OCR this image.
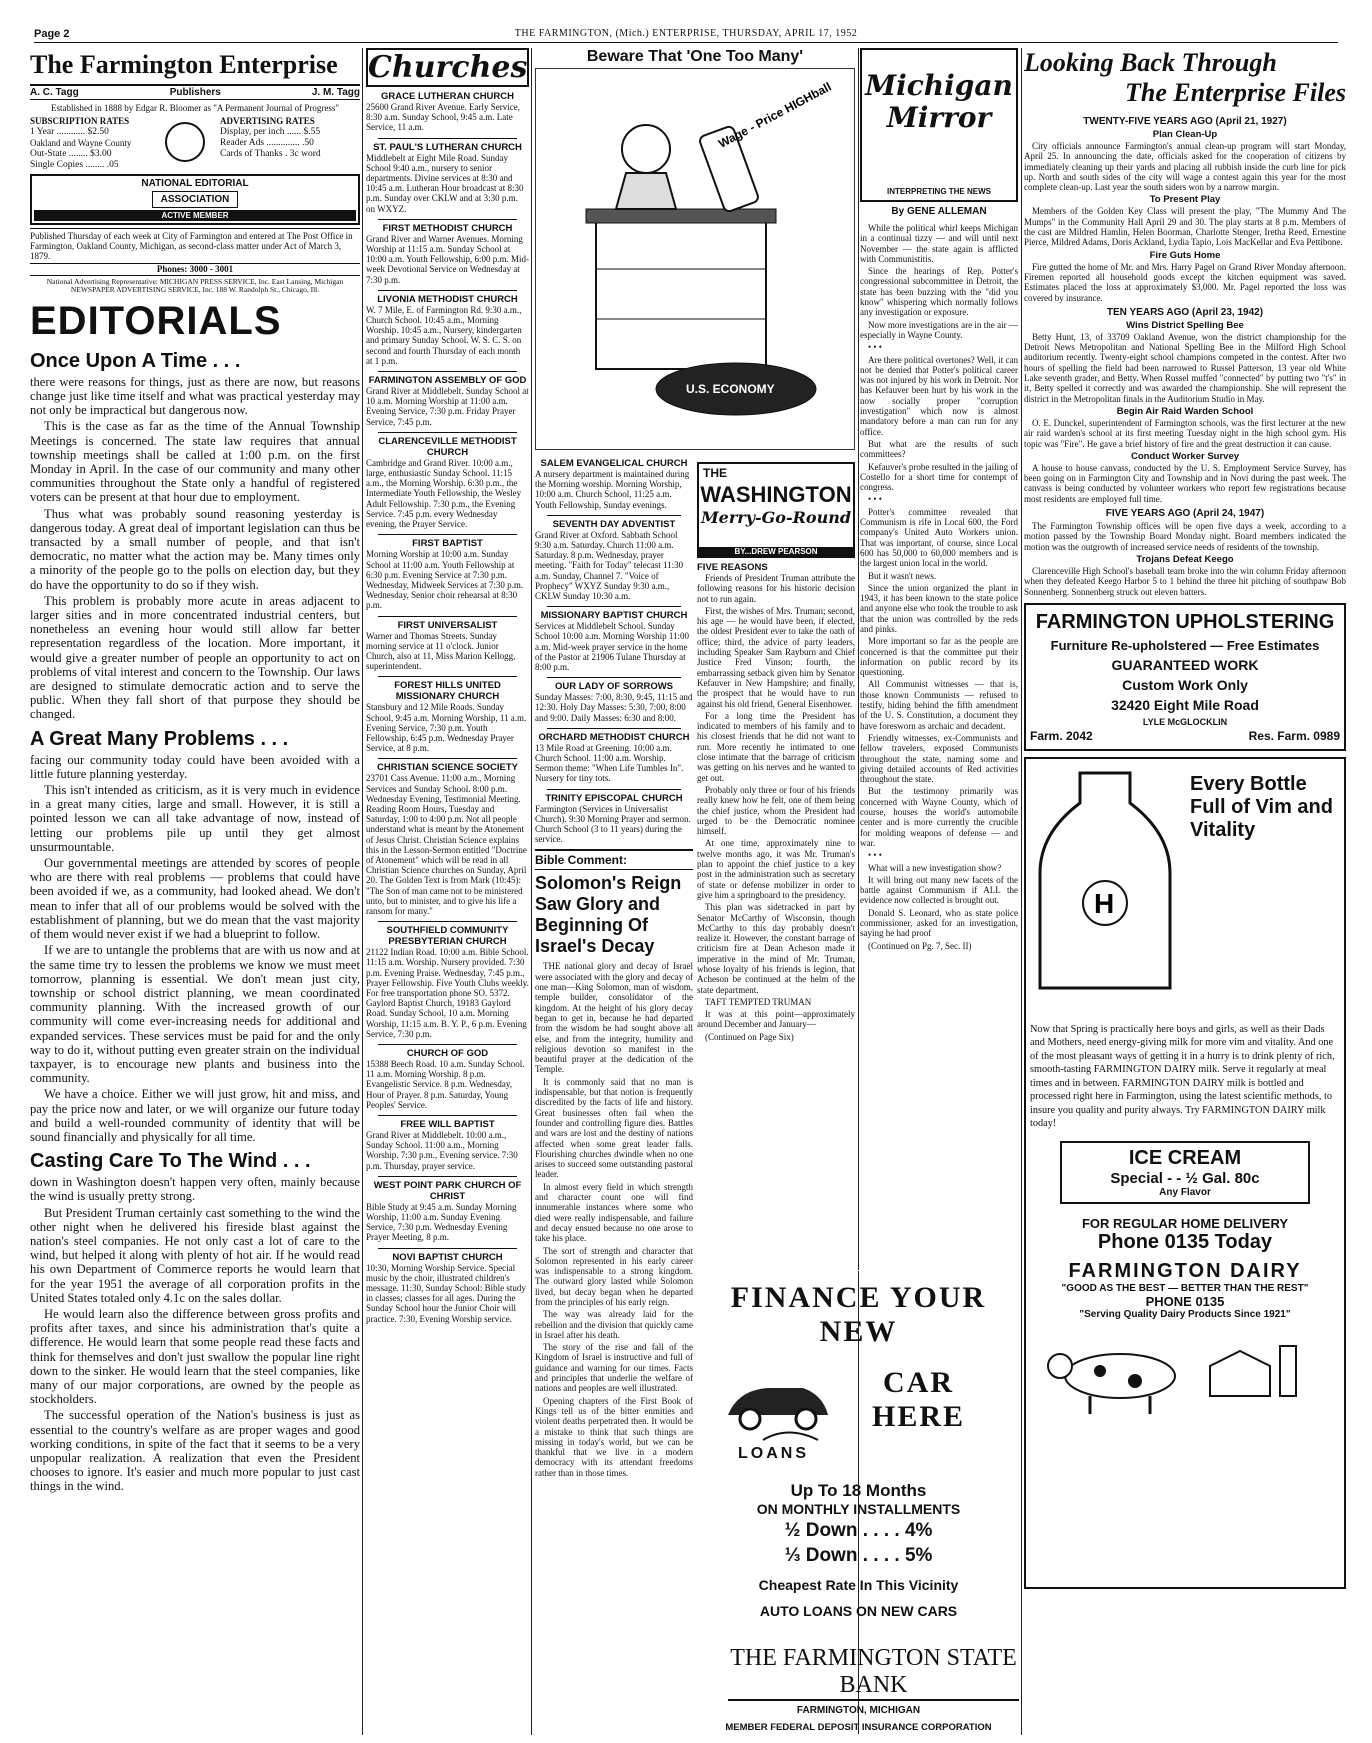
Page 2	THE FARMINGTON, (Mich.) ENTERPRISE, THURSDAY, APRIL 17, 1952
The Farmington Enterprise
A. C. Tagg	Publishers	J. M. Tagg
Established in 1888 by Edgar R. Bloomer as "A Permanent Journal of Progress"
SUBSCRIPTION RATES
1 Year ............ $2.50
Oakland and Wayne County
Out-State ........ $3.00
Single Copies ........ .05
ADVERTISING RATES
Display, per inch ...... $.55
Reader Ads .............. .50
Cards of Thanks . 3c word
NATIONAL EDITORIAL
ASSOCIATION
ACTIVE MEMBER
Published Thursday of each week at City of Farmington and entered at The Post Office in Farmington, Oakland County, Michigan, as second-class matter under Act of March 3, 1879.
Phones: 3000 - 3001
National Advertising Representative: MICHIGAN PRESS SERVICE, Inc. East Lansing, Michigan NEWSPAPER ADVERTISING SERVICE, Inc. 188 W. Randolph St., Chicago, Ill.
EDITORIALS
Once Upon A Time . . .

there were reasons for things, just as there are now, but reasons change just like time itself and what was practical yesterday may not only be impractical but dangerous now.

This is the case as far as the time of the Annual Township Meetings is concerned. The state law requires that annual township meetings shall be called at 1:00 p.m. on the first Monday in April. In the case of our community and many other communities throughout the State only a handful of registered voters can be present at that hour due to employment.

Thus what was probably sound reasoning yesterday is dangerous today. A great deal of important legislation can thus be transacted by a small number of people, and that isn't democratic, no matter what the action may be. Many times only a minority of the people go to the polls on election day, but they do have the opportunity to do so if they wish.

This problem is probably more acute in areas adjacent to larger sities and in more concentrated industrial centers, but nonetheless an evening hour would still allow far better representation regardless of the location. More important, it would give a greater number of people an opportunity to act on problems of vital interest and concern to the Township. Our laws are designed to stimulate democratic action and to serve the public. When they fall short of that purpose they should be changed.

A Great Many Problems . . .

facing our community today could have been avoided with a little future planning yesterday.

This isn't intended as criticism, as it is very much in evidence in a great many cities, large and small. However, it is still a pointed lesson we can all take advantage of now, instead of letting our problems pile up until they get almost unsurmountable.

Our governmental meetings are attended by scores of people who are there with real problems — problems that could have been avoided if we, as a community, had looked ahead. We don't mean to infer that all of our problems would be solved with the establishment of planning, but we do mean that the vast majority of them would never exist if we had a blueprint to follow.

If we are to untangle the problems that are with us now and at the same time try to lessen the problems we know we must meet tomorrow, planning is essential. We don't mean just city, township or school district planning, we mean coordinated community planning. With the increased growth of our community will come ever-increasing needs for additional and expanded services. These services must be paid for and the only way to do it, without putting even greater strain on the individual taxpayer, is to encourage new plants and business into the community.

We have a choice. Either we will just grow, hit and miss, and pay the price now and later, or we will organize our future today and build a well-rounded community of identity that will be sound financially and physically for all time.

Casting Care To The Wind . . .

down in Washington doesn't happen very often, mainly because the wind is usually pretty strong.

But President Truman certainly cast something to the wind the other night when he delivered his fireside blast against the nation's steel companies. He not only cast a lot of care to the wind, but helped it along with plenty of hot air. If he would read his own Department of Commerce reports he would learn that for the year 1951 the average of all corporation profits in the United States totaled only 4.1c on the sales dollar.

He would learn also the difference between gross profits and profits after taxes, and since his administration that's quite a difference. He would learn that some people read these facts and think for themselves and don't just swallow the popular line right down to the sinker. He would learn that the steel companies, like many of our major corporations, are owned by the people as stockholders.

The successful operation of the Nation's business is just as essential to the country's welfare as are proper wages and good working conditions, in spite of the fact that it seems to be a very unpopular realization. A realization that even the President chooses to ignore. It's easier and much more popular to just cast things in the wind.

Churches
GRACE LUTHERAN CHURCH
25600 Grand River Avenue. Early Service, 8:30 a.m. Sunday School, 9:45 a.m. Late Service, 11 a.m.
ST. PAUL'S LUTHERAN CHURCH
Middlebelt at Eight Mile Road. Sunday School 9:40 a.m., nursery to senior departments. Divine services at 8:30 and 10:45 a.m. Lutheran Hour broadcast at 8:30 p.m. Sunday over CKLW and at 3:30 p.m. on WXYZ.
FIRST METHODIST CHURCH
Grand River and Warner Avenues. Morning Worship at 11:15 a.m. Sunday School at 10:00 a.m. Youth Fellowship, 6:00 p.m. Mid-week Devotional Service on Wednesday at 7:30 p.m.
LIVONIA METHODIST CHURCH
W. 7 Mile, E. of Farmington Rd. 9:30 a.m., Church School. 10:45 a.m., Morning Worship. 10:45 a.m., Nursery, kindergarten and primary Sunday School. W. S. C. S. on second and fourth Thursday of each month at 1 p.m.
FARMINGTON ASSEMBLY OF GOD
Grand River at Middlebelt. Sunday School at 10 a.m. Morning Worship at 11:00 a.m. Evening Service, 7:30 p.m. Friday Prayer Service, 7:45 p.m.
CLARENCEVILLE METHODIST CHURCH
Cambridge and Grand River. 10:00 a.m., large, enthusiastic Sunday School. 11:15 a.m., the Morning Worship. 6:30 p.m., the Intermediate Youth Fellowship, the Wesley Adult Fellowship. 7:30 p.m., the Evening Service. 7:45 p.m. every Wednesday evening, the Prayer Service.
FIRST BAPTIST
Morning Worship at 10:00 a.m. Sunday School at 11:00 a.m. Youth Fellowship at 6:30 p.m. Evening Service at 7:30 p.m. Wednesday, Midweek Services at 7:30 p.m. Wednesday, Senior choir rehearsal at 8:30 p.m.
FIRST UNIVERSALIST
Warner and Thomas Streets. Sunday morning service at 11 o'clock. Junior Church, also at 11, Miss Marion Kellogg, superintendent.
FOREST HILLS UNITED MISSIONARY CHURCH
Stansbury and 12 Mile Roads. Sunday School, 9:45 a.m. Morning Worship, 11 a.m. Evening Service, 7:30 p.m. Youth Fellowship, 6:45 p.m. Wednesday Prayer Service, at 8 p.m.
CHRISTIAN SCIENCE SOCIETY
23701 Cass Avenue. 11:00 a.m., Morning Services and Sunday School. 8:00 p.m. Wednesday Evening, Testimonial Meeting. Reading Room Hours, Tuesday and Saturday, 1:00 to 4:00 p.m. Not all people understand what is meant by the Atonement of Jesus Christ. Christian Science explains this in the Lesson-Sermon entitled "Doctrine of Atonement" which will be read in all Christian Science churches on Sunday, April 20. The Golden Text is from Mark (10:45): "The Son of man came not to be ministered unto, but to minister, and to give his life a ransom for many."
SOUTHFIELD COMMUNITY PRESBYTERIAN CHURCH
21122 Indian Road. 10:00 a.m. Bible School. 11:15 a.m. Worship. Nursery provided. 7:30 p.m. Evening Praise. Wednesday, 7:45 p.m., Prayer Fellowship. Five Youth Clubs weekly. For free transportation phone SO. 5372. Gaylord Baptist Church, 19183 Gaylord Road. Sunday School, 10 a.m. Morning Worship, 11:15 a.m. B. Y. P., 6 p.m. Evening Service, 7:30 p.m.
CHURCH OF GOD
15388 Beech Road. 10 a.m. Sunday School. 11 a.m. Morning Worship. 8 p.m. Evangelistic Service. 8 p.m. Wednesday, Hour of Prayer. 8 p.m. Saturday, Young Peoples' Service.
FREE WILL BAPTIST
Grand River at Middlebelt. 10:00 a.m., Sunday School. 11:00 a.m., Morning Worship. 7:30 p.m., Evening service. 7:30 p.m. Thursday, prayer service.
WEST POINT PARK CHURCH OF CHRIST
Bible Study at 9:45 a.m. Sunday Morning Worship, 11:00 a.m. Sunday Evening Service, 7:30 p.m. Wednesday Evening Prayer Meeting, 8 p.m.
NOVI BAPTIST CHURCH
10:30, Morning Worship Service. Special music by the choir, illustrated children's message. 11:30, Sunday School: Bible study in classes; classes for all ages. During the Sunday School hour the Junior Choir will practice. 7:30, Evening Worship service.
Beware That 'One Too Many'
Wage - Price HIGHball
U.S. ECONOMY
Michigan Mirror
INTERPRETING THE NEWS
By GENE ALLEMAN

While the political whirl keeps Michigan in a continual tizzy — and will until next November — the state again is afflicted with Communistitis.

Since the hearings of Rep. Potter's congressional subcommittee in Detroit, the state has been buzzing with the "did you know" whispering which normally follows any investigation or exposure.

Now more investigations are in the air — especially in Wayne County.

• • •

Are there political overtones? Well, it can not be denied that Potter's political career was not injured by his work in Detroit. Nor has Kefauver been hurt by his work in the now socially proper "corruption investigation" which now is almost mandatory before a man can run for any office.

But what are the results of such committees?

Kefauver's probe resulted in the jailing of Costello for a short time for contempt of congress.

• • •

Potter's committee revealed that Communism is rife in Local 600, the Ford company's United Auto Workers union. That was important, of course, since Local 600 has 50,000 to 60,000 members and is the largest union local in the world.

But it wasn't news.

Since the union organized the plant in 1943, it has been known to the state police and anyone else who took the trouble to ask that the union was controlled by the reds and pinks.

More important so far as the people are concerned is that the committee put their information on public record by its questioning.

All Communist witnesses — that is, those known Communists — refused to testify, hiding behind the fifth amendment of the U. S. Constitution, a document they have foresworn as archaic and decadent.

Friendly witnesses, ex-Communists and fellow travelers, exposed Communists throughout the state, naming some and giving detailed accounts of Red activities throughout the state.

But the testimony primarily was concerned with Wayne County, which of course, houses the world's automobile center and is more currently the crucible for molding weapons of defense — and war.

• • •

What will a new investigation show?

It will bring out many new facets of the battle against Communism if ALL the evidence now collected is brought out.

Donald S. Leonard, who as state police commissioner, asked for an investigation, saying he had proof

(Continued on Pg. 7, Sec. II)

SALEM EVANGELICAL CHURCH
A nursery department is maintained during the Morning worship. Morning Worship, 10:00 a.m. Church School, 11:25 a.m. Youth Fellowship, Sunday evenings.
SEVENTH DAY ADVENTIST
Grand River at Oxford. Sabbath School 9:30 a.m. Saturday. Church 11:00 a.m. Saturday. 8 p.m. Wednesday, prayer meeting. "Faith for Today" telecast 11:30 a.m. Sunday, Channel 7. "Voice of Prophecy" WXYZ Sunday 9:30 a.m., CKLW Sunday 10:30 a.m.
MISSIONARY BAPTIST CHURCH
Services at Middlebelt School. Sunday School 10:00 a.m. Morning Worship 11:00 a.m. Mid-week prayer service in the home of the Pastor at 21906 Tulane Thursday at 8:00 p.m.
OUR LADY OF SORROWS
Sunday Masses: 7:00, 8:30, 9:45, 11:15 and 12:30. Holy Day Masses: 5:30, 7:00, 8:00 and 9:00. Daily Masses: 6:30 and 8:00.
ORCHARD METHODIST CHURCH
13 Mile Road at Greening. 10:00 a.m. Church School. 11:00 a.m. Worship. Sermon theme: "When Life Tumbles In". Nursery for tiny tots.
TRINITY EPISCOPAL CHURCH
Farmington (Services in Universalist Church). 9:30 Morning Prayer and sermon. Church School (3 to 11 years) during the service.
Bible Comment:
Solomon's Reign Saw Glory and Beginning Of Israel's Decay

THE national glory and decay of Israel were associated with the glory and decay of one man—King Solomon, man of wisdom, temple builder, consolidator of the kingdom. At the height of his glory decay began to get in, because he had departed from the wisdom he had sought above all else, and from the integrity, humility and religious devotion so manifest in the beautiful prayer at the dedication of the Temple.

It is commonly said that no man is indispensable, but that notion is frequently discredited by the facts of life and history. Great businesses often fail when the founder and controlling figure dies. Battles and wars are lost and the destiny of nations affected when some great leader falls. Flourishing churches dwindle when no one arises to succeed some outstanding pastoral leader.

In almost every field in which strength and character count one will find innumerable instances where some who died were really indispensable, and failure and decay ensued because no one arose to take his place.

The sort of strength and character that Solomon represented in his early career was indispensable to a strong kingdom. The outward glory lasted while Solomon lived, but decay began when he departed from the principles of his early reign.

The way was already laid for the rebellion and the division that quickly came in Israel after his death.

The story of the rise and fall of the Kingdom of Israel is instructive and full of guidance and warning for our times. Facts and principles that underlie the welfare of nations and peoples are well illustrated.

Opening chapters of the First Book of Kings tell us of the bitter enmities and violent deaths perpetrated then. It would be a mistake to think that such things are missing in today's world, but we can be thankful that we live in a modern democracy with its attendant freedoms rather than in those times.

THE
WASHINGTON
Merry-Go-Round
BY...DREW PEARSON
FIVE REASONS

Friends of President Truman attribute the following reasons for his historic decision not to run again.

First, the wishes of Mrs. Truman; second, his age — he would have been, if elected, the oldest President ever to take the oath of office; third, the advice of party leaders, including Speaker Sam Rayburn and Chief Justice Fred Vinson; fourth, the embarrassing setback given him by Senator Kefauver in New Hampshire; and finally, the prospect that he would have to run against his old friend, General Eisenhower.

For a long time the President has indicated to members of his family and to his closest friends that he did not want to run. More recently he intimated to one close intimate that the barrage of criticism was getting on his nerves and he wanted to get out.

Probably only three or four of his friends really knew how he felt, one of them being the chief justice, whom the President had urged to be the Democratic nominee himself.

At one time, approximately nine to twelve months ago, it was Mr. Truman's plan to appoint the chief justice to a key post in the administration such as secretary of state or defense mobilizer in order to give him a springboard to the presidency.

This plan was sidetracked in part by Senator McCarthy of Wisconsin, though McCarthy to this day probably doesn't realize it. However, the constant barrage of criticism fire at Dean Acheson made it imperative in the mind of Mr. Truman, whose loyalty of his friends is legion, that Acheson be continued at the helm of the state department.

TAFT TEMPTED TRUMAN

It was at this point—approximately around December and January—

(Continued on Page Six)

FINANCE YOUR NEW
CAR HERE
LOANS
Up To 18 Months
ON MONTHLY INSTALLMENTS
½ Down . . . . 4%
⅓ Down . . . . 5%
Cheapest Rate In This Vicinity
AUTO LOANS ON NEW CARS
THE FARMINGTON STATE BANK
FARMINGTON, MICHIGAN
MEMBER FEDERAL DEPOSIT INSURANCE CORPORATION
Looking Back Through
The Enterprise Files
TWENTY-FIVE YEARS AGO (April 21, 1927)
Plan Clean-Up

City officials announce Farmington's annual clean-up program will start Monday, April 25. In announcing the date, officials asked for the cooperation of citizens by immediately cleaning up their yards and placing all rubbish inside the curb line for pick up. North and south sides of the city will wage a contest again this year for the most complete clean-up. Last year the south siders won by a narrow margin.

To Present Play

Members of the Golden Key Class will present the play, "The Mummy And The Mumps" in the Community Hall April 29 and 30. The play starts at 8 p.m. Members of the cast are Mildred Hamlin, Helen Boorman, Charlotte Stenger, Iretha Reed, Ernestine Pierce, Mildred Adams, Doris Ackland, Lydia Tapio, Lois MacKellar and Eva Pettibone.

Fire Guts Home

Fire gutted the home of Mr. and Mrs. Harry Pagel on Grand River Monday afternoon. Firemen reported all household goods except the kitchen equipment was saved. Estimates placed the loss at approximately $3,000. Mr. Pagel reported the loss was covered by insurance.

TEN YEARS AGO (April 23, 1942)
Wins District Spelling Bee

Betty Hunt, 13, of 33709 Oakland Avenue, won the district championship for the Detroit News Metropolitan and National Spelling Bee in the Milford High School auditorium recently. Twenty-eight school champions competed in the contest. After two hours of spelling the field had been narrowed to Russel Patterson, 13 year old White Lake seventh grader, and Betty. When Russel muffed "connected" by putting two "t's" in it, Betty spelled it correctly and was awarded the championship. She will represent the district in the Metropolitan finals in the Auditorium Studio in May.

Begin Air Raid Warden School

O. E. Dunckel, superintendent of Farmington schools, was the first lecturer at the new air raid warden's school at its first meeting Tuesday night in the high school gym. His topic was "Fire". He gave a brief history of fire and the great destruction it can cause.

Conduct Worker Survey

A house to house canvass, conducted by the U. S. Employment Service Survey, has been going on in Farmington City and Township and in Novi during the past week. The canvass is being conducted by volunteer workers who report few registrations because most residents are employed full time.

FIVE YEARS AGO (April 24, 1947)

The Farmington Township offices will be open five days a week, according to a motion passed by the Township Board Monday night. Board members indicated the motion was the outgrowth of increased service needs of residents of the township.

Trojans Defeat Keego

Clarenceville High School's baseball team broke into the win column Friday afternoon when they defeated Keego Harbor 5 to 1 behind the three hit pitching of southpaw Bob Sonnenberg. Sonnenberg struck out eleven batters.

FARMINGTON UPHOLSTERING
Furniture Re-upholstered — Free Estimates
GUARANTEED WORK
Custom Work Only
32420 Eight Mile Road
LYLE McGLOCKLIN
Farm. 2042	Res. Farm. 0989
H
Every Bottle Full of Vim and Vitality
Now that Spring is practically here boys and girls, as well as their Dads and Mothers, need energy-giving milk for more vim and vitality. And one of the most pleasant ways of getting it in a hurry is to drink plenty of rich, smooth-tasting FARMINGTON DAIRY milk. Serve it regularly at meal times and in between. FARMINGTON DAIRY milk is bottled and processed right here in Farmington, using the latest scientific methods, to insure you quality and purity always. Try FARMINGTON DAIRY milk today!
ICE CREAM
Special - - ½ Gal. 80c
Any Flavor
FOR REGULAR HOME DELIVERY
Phone 0135 Today
FARMINGTON DAIRY
"GOOD AS THE BEST — BETTER THAN THE REST"
PHONE 0135
"Serving Quality Dairy Products Since 1921"
